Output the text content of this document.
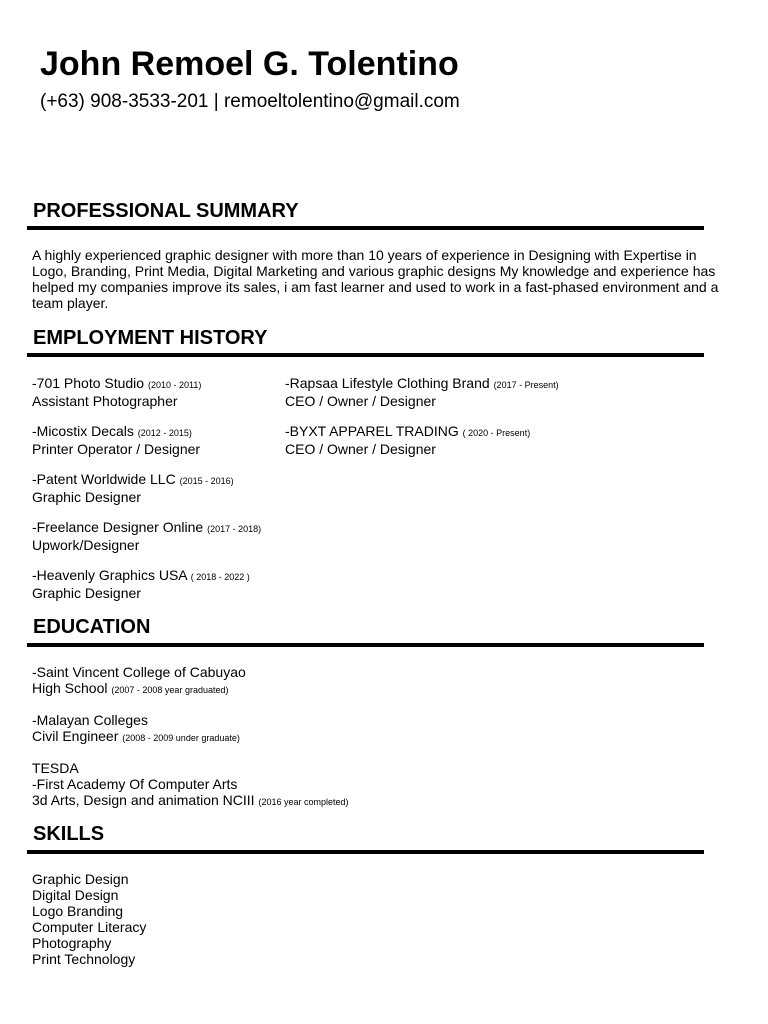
John Remoel G. Tolentino
(+63) 908-3533-201 | remoeltolentino@gmail.com
PROFESSIONAL SUMMARY

A highly experienced graphic designer with more than 10 years of experience in Designing with Expertise in Logo, Branding, Print Media, Digital Marketing and various graphic designs My knowledge and experience has helped my companies improve its sales, i am fast learner and used to work in a fast-phased environment and a team player.

EMPLOYMENT HISTORY
-701 Photo Studio (2010 - 2011)
Assistant Photographer
-Micostix Decals (2012 - 2015)
Printer Operator / Designer
-Patent Worldwide LLC (2015 - 2016)
Graphic Designer
-Freelance Designer Online (2017 - 2018)
Upwork/Designer
-Heavenly Graphics USA ( 2018 - 2022 )
Graphic Designer
-Rapsaa Lifestyle Clothing Brand (2017 - Present)
CEO / Owner / Designer
-BYXT APPAREL TRADING ( 2020 - Present)
CEO / Owner / Designer
EDUCATION
-Saint Vincent College of Cabuyao
High School (2007 - 2008 year graduated)
-Malayan Colleges
Civil Engineer (2008 - 2009 under graduate)
TESDA
-First Academy Of Computer Arts
3d Arts, Design and animation NCIII (2016 year completed)
SKILLS
Graphic Design
Digital Design
Logo Branding
Computer Literacy
Photography
Print Technology
